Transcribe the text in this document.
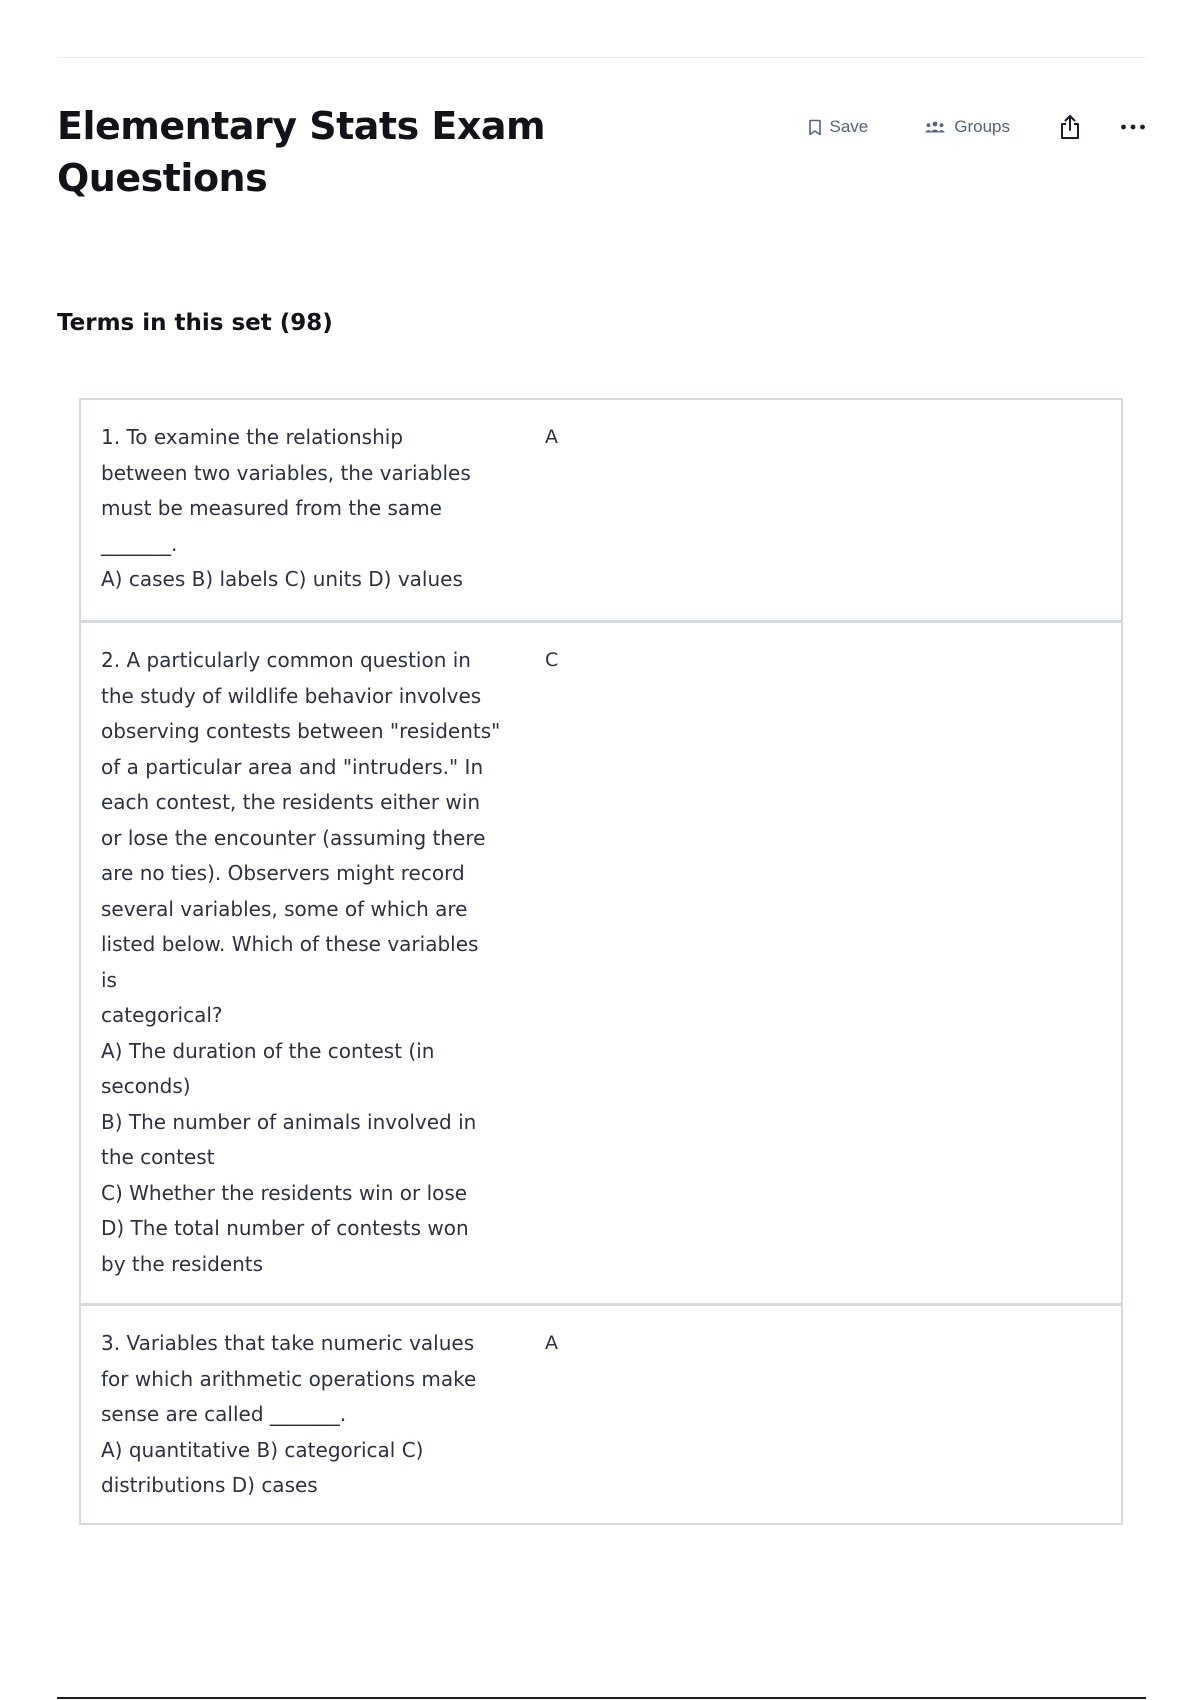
Elementary Stats Exam Questions
Save	Groups
Terms in this set (98)
1. To examine the relationship
between two variables, the variables
must be measured from the same
_______.
A) cases B) labels C) units D) values
A
2. A particularly common question in
the study of wildlife behavior involves
observing contests between "residents"
of a particular area and "intruders." In
each contest, the residents either win
or lose the encounter (assuming there
are no ties). Observers might record
several variables, some of which are
listed below. Which of these variables
is
categorical?
A) The duration of the contest (in
seconds)
B) The number of animals involved in
the contest
C) Whether the residents win or lose
D) The total number of contests won
by the residents
C
3. Variables that take numeric values
for which arithmetic operations make
sense are called _______.
A) quantitative B) categorical C)
distributions D) cases
A
